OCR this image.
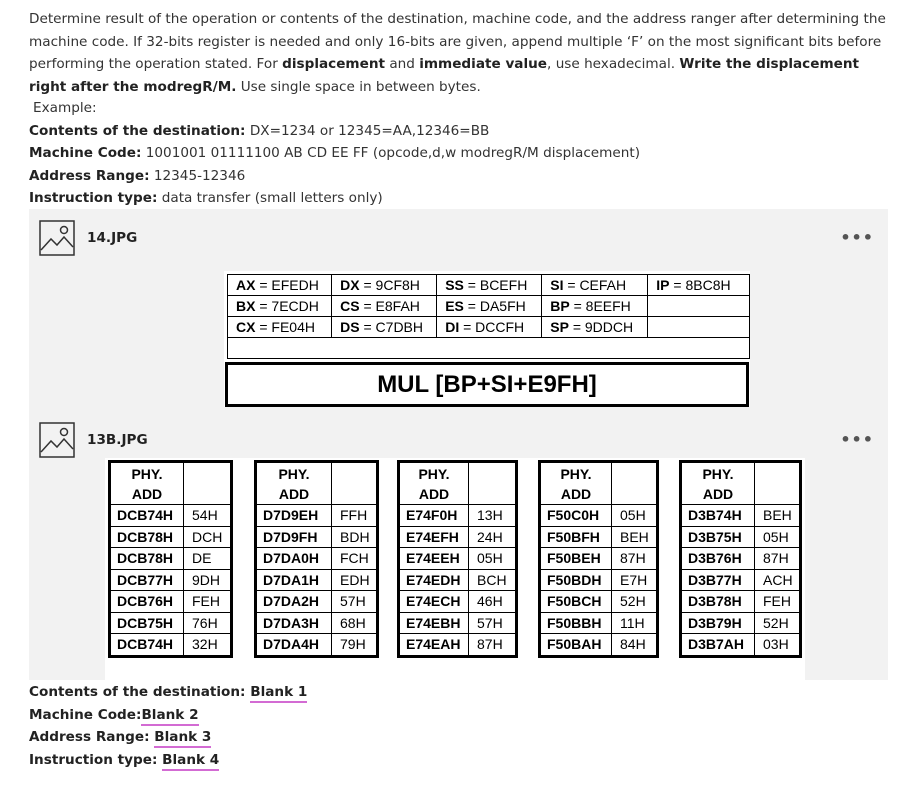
Determine result of the operation or contents of the destination, machine code, and the address ranger after determining the machine code. If 32-bits register is needed and only 16-bits are given, append multiple ‘F’ on the most significant bits before performing the operation stated. For displacement and immediate value, use hexadecimal. Write the displacement right after the modregR/M. Use single space in between bytes.

Example:
Contents of the destination: DX=1234 or 12345=AA,12346=BB
Machine Code: 1001001 01111100 AB CD EE FF (opcode,d,w modregR/M displacement)
Address Range: 12345-12346
Instruction type: data transfer (small letters only)
14.JPG	•••
AX = EFEDH	DX = 9CF8H	SS = BCEFH	SI = CEFAH	IP = 8BC8H
BX = 7ECDH	CS = E8FAH	ES = DA5FH	BP = 8EEFH	
CX = FE04H	DS = C7DBH	DI = DCCFH	SP = 9DDCH	

MUL [BP+SI+E9FH]
13B.JPG	•••
PHY.
ADD	
DCB74H	54H
DCB78H	DCH
DCB78H	DE
DCB77H	9DH
DCB76H	FEH
DCB75H	76H
DCB74H	32H
PHY.
ADD	
D7D9EH	FFH
D7D9FH	BDH
D7DA0H	FCH
D7DA1H	EDH
D7DA2H	57H
D7DA3H	68H
D7DA4H	79H
PHY.
ADD	
E74F0H	13H
E74EFH	24H
E74EEH	05H
E74EDH	BCH
E74ECH	46H
E74EBH	57H
E74EAH	87H
PHY.
ADD	
F50C0H	05H
F50BFH	BEH
F50BEH	87H
F50BDH	E7H
F50BCH	52H
F50BBH	11H
F50BAH	84H
PHY.
ADD	
D3B74H	BEH
D3B75H	05H
D3B76H	87H
D3B77H	ACH
D3B78H	FEH
D3B79H	52H
D3B7AH	03H
Contents of the destination: Blank 1
Machine Code:Blank 2
Address Range: Blank 3
Instruction type: Blank 4
